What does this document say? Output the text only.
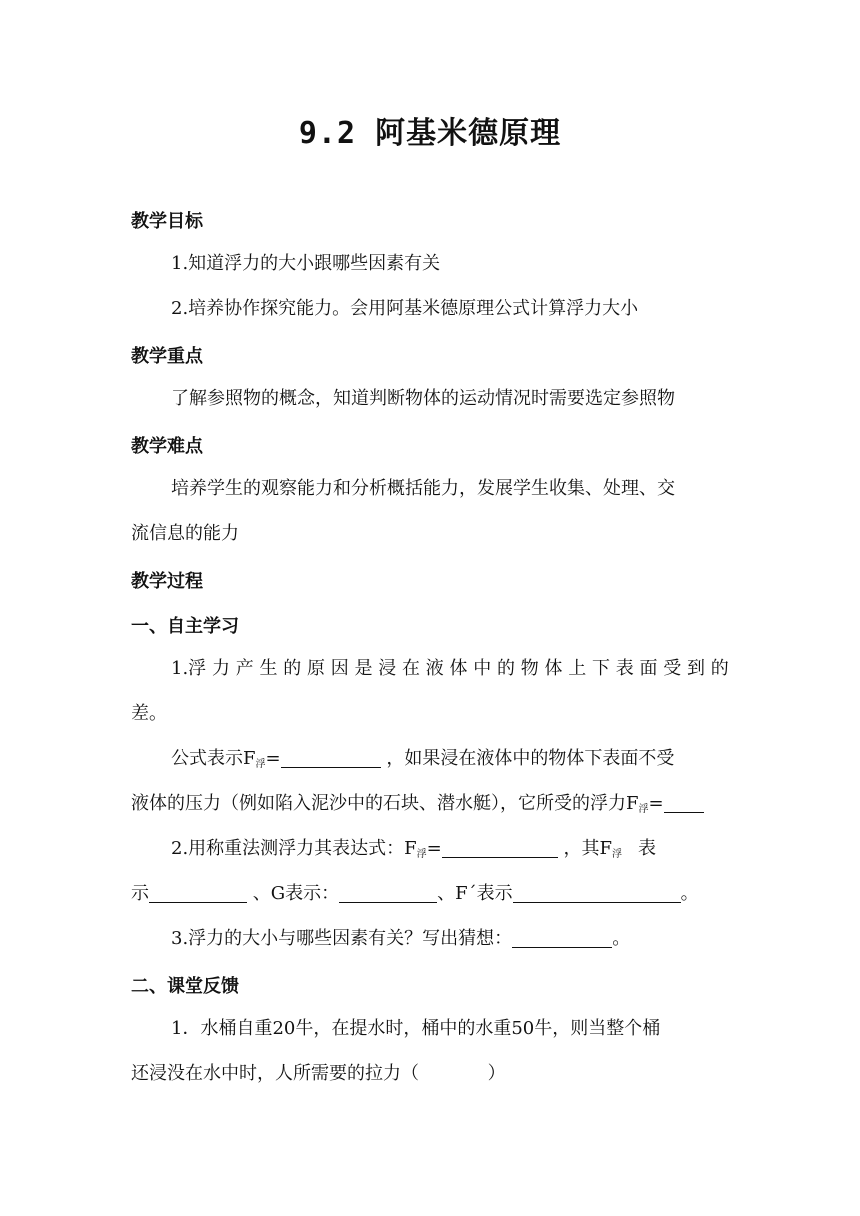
9.2 阿基米德原理
教学目标
1.知道浮力的大小跟哪些因素有关
2.培养协作探究能力。会用阿基米德原理公式计算浮力大小
教学重点
了解参照物的概念，知道判断物体的运动情况时需要选定参照物
教学难点
培养学生的观察能力和分析概括能力，发展学生收集、处理、交
流信息的能力
教学过程
一、自主学习
1.浮 力 产 生 的 原 因 是 浸 在 液 体 中 的 物 体 上 下 表 面 受 到 的
差。
公式表示$F_浮=$	，如果浸在液体中的物体下表面不受
液体的压力（例如陷入泥沙中的石块、潜水艇），它所受的浮力$F_浮=$
2.用称重法测浮力其表达式：$F_浮=$	，其$F_浮$ 表
示	、G表示：	、F´表示	。
3.浮力的大小与哪些因素有关？写出猜想：	。
二、课堂反馈
1．水桶自重20牛，在提水时，桶中的水重50牛，则当整个桶
还浸没在水中时，人所需要的拉力（            ）
